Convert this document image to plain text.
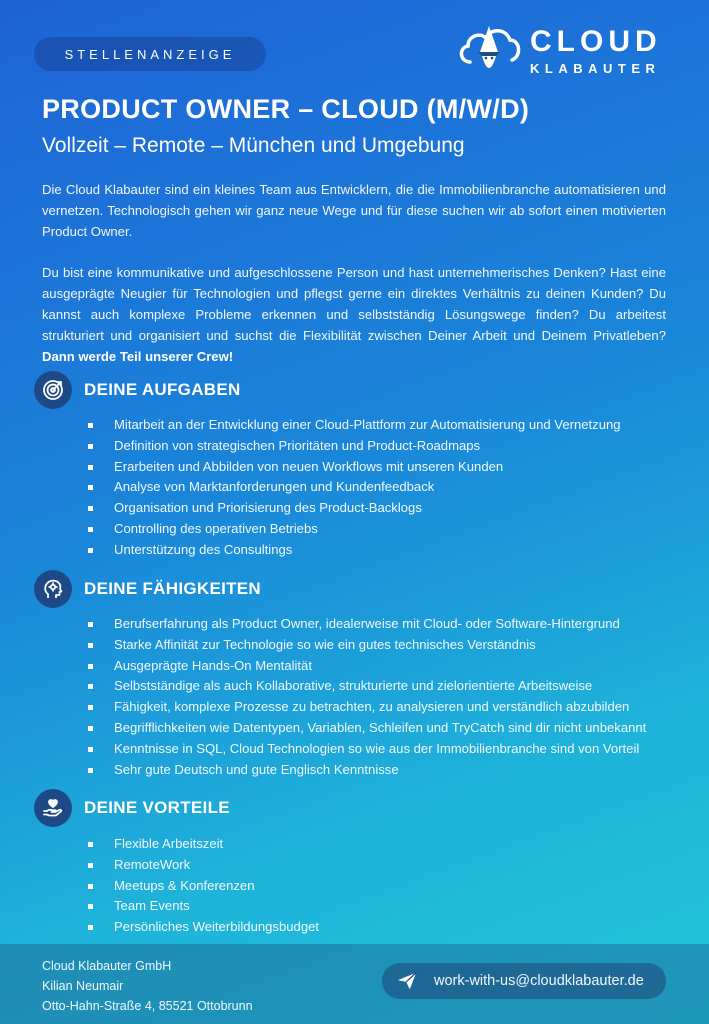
STELLENANZEIGE	CLOUD
KLABAUTER
PRODUCT OWNER – CLOUD (M/W/D)
Vollzeit – Remote – München und Umgebung

Die Cloud Klabauter sind ein kleines Team aus Entwicklern, die die Immobilienbranche automatisieren und vernetzen. Technologisch gehen wir ganz neue Wege und für diese suchen wir ab sofort einen motivierten Product Owner.

Du bist eine kommunikative und aufgeschlossene Person und hast unternehmerisches Denken? Hast eine ausgeprägte Neugier für Technologien und pflegst gerne ein direktes Verhältnis zu deinen Kunden? Du kannst auch komplexe Probleme erkennen und selbstständig Lösungswege finden? Du arbeitest strukturiert und organisiert und suchst die Flexibilität zwischen Deiner Arbeit und Deinem Privatleben? Dann werde Teil unserer Crew!

DEINE AUFGABEN
Mitarbeit an der Entwicklung einer Cloud-Plattform zur Automatisierung und Vernetzung
Definition von strategischen Prioritäten und Product-Roadmaps
Erarbeiten und Abbilden von neuen Workflows mit unseren Kunden
Analyse von Marktanforderungen und Kundenfeedback
Organisation und Priorisierung des Product-Backlogs
Controlling des operativen Betriebs
Unterstützung des Consultings
DEINE FÄHIGKEITEN
Berufserfahrung als Product Owner, idealerweise mit Cloud- oder Software-Hintergrund
Starke Affinität zur Technologie so wie ein gutes technisches Verständnis
Ausgeprägte Hands-On Mentalität
Selbstständige als auch Kollaborative, strukturierte und zielorientierte Arbeitsweise
Fähigkeit, komplexe Prozesse zu betrachten, zu analysieren und verständlich abzubilden
Begrifflichkeiten wie Datentypen, Variablen, Schleifen und TryCatch sind dir nicht unbekannt
Kenntnisse in SQL, Cloud Technologien so wie aus der Immobilienbranche sind von Vorteil
Sehr gute Deutsch und gute Englisch Kenntnisse
DEINE VORTEILE
Flexible Arbeitszeit
RemoteWork
Meetups & Konferenzen
Team Events
Persönliches Weiterbildungsbudget
Cloud Klabauter GmbH
Kilian Neumair
Otto-Hahn-Straße 4, 85521 Ottobrunn
work-with-us@cloudklabauter.de
